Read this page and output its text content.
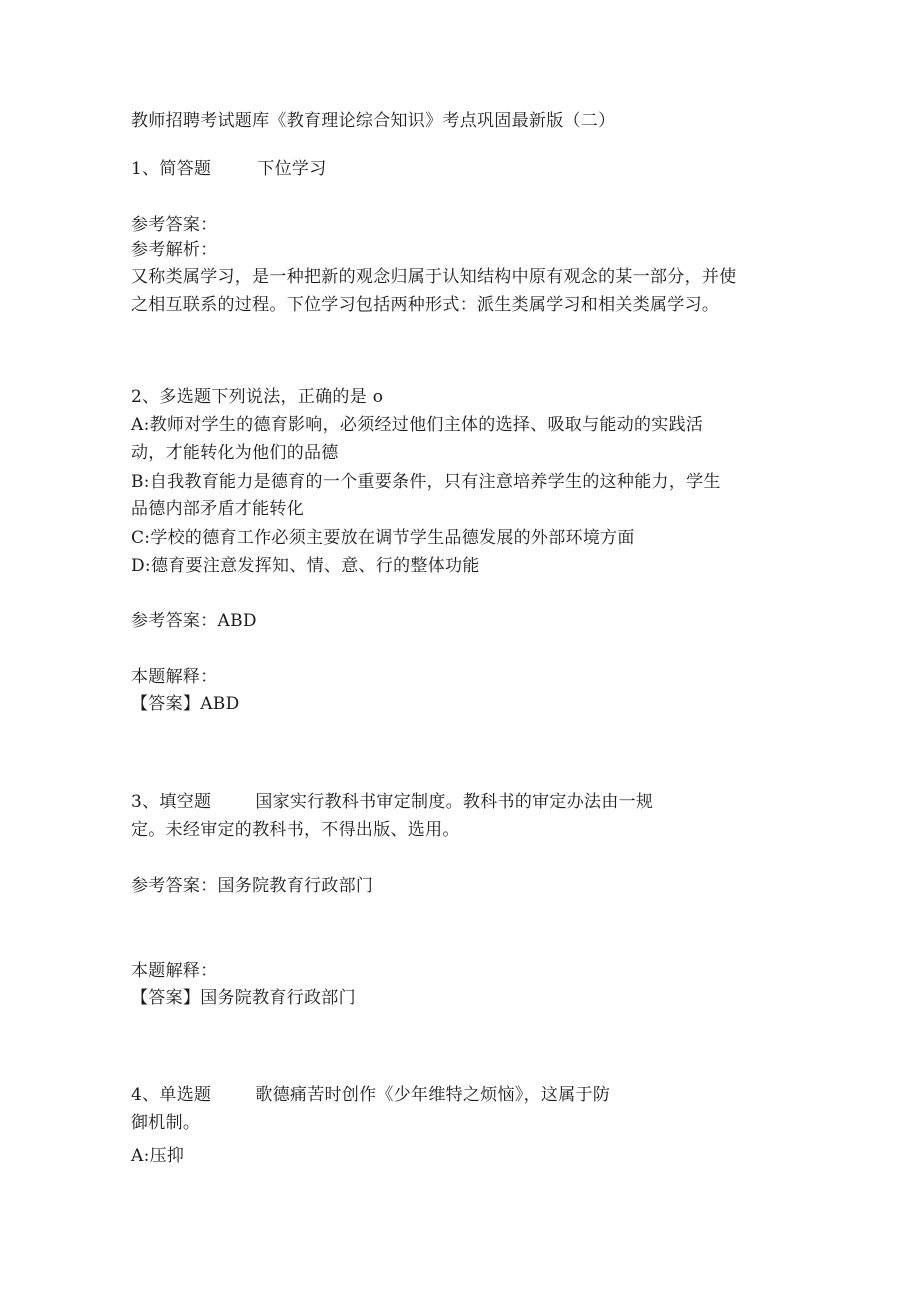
教师招聘考试题库《教育理论综合知识》考点巩固最新版（二）
1、简答题	下位学习
参考答案：
参考解析：
又称类属学习，是一种把新的观念归属于认知结构中原有观念的某一部分，并使
之相互联系的过程。下位学习包括两种形式：派生类属学习和相关类属学习。
2、多选题下列说法，正确的是 o
A:教师对学生的德育影响，必须经过他们主体的选择、吸取与能动的实践活
动，才能转化为他们的品德
B:自我教育能力是德育的一个重要条件，只有注意培养学生的这种能力，学生
品德内部矛盾才能转化
C:学校的德育工作必须主要放在调节学生品德发展的外部环境方面
D:德育要注意发挥知、情、意、行的整体功能
参考答案：ABD
本题解释：
【答案】ABD
3、填空题	国家实行教科书审定制度。教科书的审定办法由一规
定。未经审定的教科书，不得出版、选用。
参考答案：国务院教育行政部门
本题解释：
【答案】国务院教育行政部门
4、单选题	歌德痛苦时创作《少年维特之烦恼》，这属于防
御机制。
A:压抑
